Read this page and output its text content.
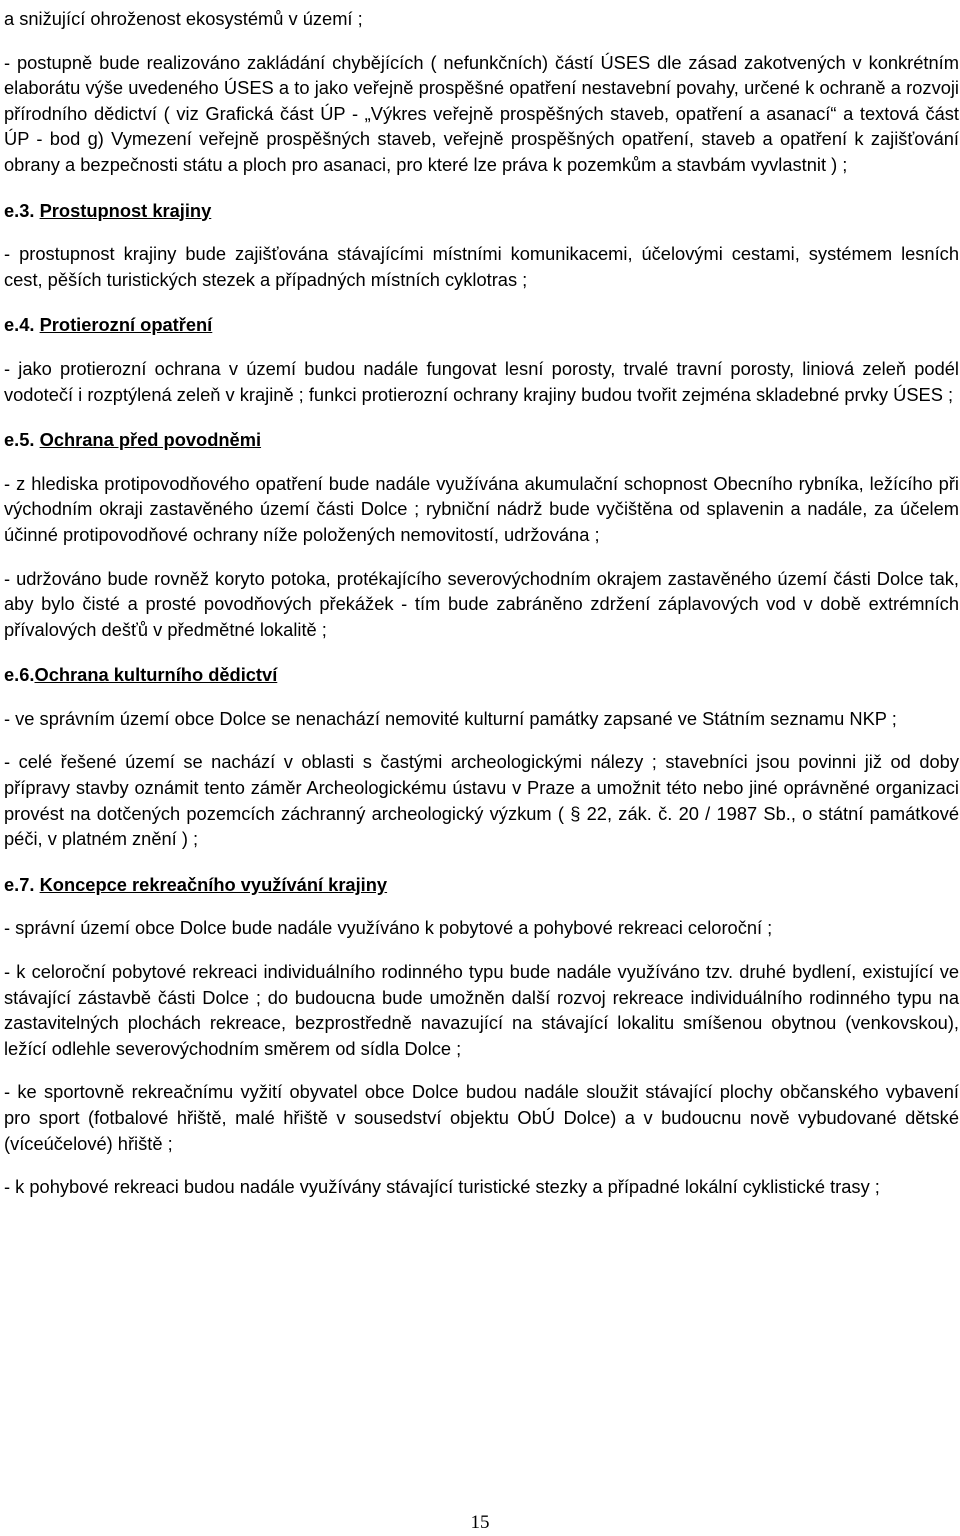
a snižující ohroženost ekosystémů v území ;

- postupně bude realizováno zakládání chybějících ( nefunkčních) částí ÚSES dle zásad zakotvených v konkrétním elaborátu výše uvedeného ÚSES a to jako veřejně prospěšné opatření nestavební povahy, určené k ochraně a rozvoji přírodního dědictví ( viz Grafická část ÚP - „Výkres veřejně prospěšných staveb, opatření a asanací“ a textová část ÚP - bod g) Vymezení veřejně prospěšných staveb, veřejně prospěšných opatření, staveb a opatření k zajišťování obrany a bezpečnosti státu a ploch pro asanaci, pro které lze práva k pozemkům a stavbám vyvlastnit ) ;

e.3. Prostupnost krajiny

- prostupnost krajiny bude zajišťována stávajícími místními komunikacemi, účelovými cestami, systémem lesních cest, pěších turistických stezek a případných místních cyklotras ;

e.4. Protierozní opatření

- jako protierozní ochrana v území budou nadále fungovat lesní porosty, trvalé travní porosty, liniová zeleň podél vodotečí i rozptýlená zeleň v krajině ; funkci protierozní ochrany krajiny budou tvořit zejména skladebné prvky ÚSES ;

e.5. Ochrana před povodněmi

- z hlediska protipovodňového opatření bude nadále využívána akumulační schopnost Obecního rybníka, ležícího při východním okraji zastavěného území části Dolce ; rybniční nádrž bude vyčištěna od splavenin a nadále, za účelem účinné protipovodňové ochrany níže položených nemovitostí, udržována ;

- udržováno bude rovněž koryto potoka, protékajícího severovýchodním okrajem zastavěného území části Dolce tak, aby bylo čisté a prosté povodňových překážek - tím bude zabráněno zdržení záplavových vod v době extrémních přívalových dešťů v předmětné lokalitě ;

e.6.Ochrana kulturního dědictví

- ve správním území obce Dolce se nenachází nemovité kulturní památky zapsané ve Státním seznamu NKP ;

- celé řešené území se nachází v oblasti s častými archeologickými nálezy ; stavebníci jsou povinni již od doby přípravy stavby oznámit tento záměr Archeologickému ústavu v Praze a umožnit této nebo jiné oprávněné organizaci provést na dotčených pozemcích záchranný archeologický výzkum ( § 22, zák. č. 20 / 1987 Sb., o státní památkové péči, v platném znění ) ;

e.7. Koncepce rekreačního využívání krajiny

- správní území obce Dolce bude nadále využíváno k pobytové a pohybové rekreaci celoroční ;

- k celoroční pobytové rekreaci individuálního rodinného typu bude nadále využíváno tzv. druhé bydlení, existující ve stávající zástavbě části Dolce ; do budoucna bude umožněn další rozvoj rekreace individuálního rodinného typu na zastavitelných plochách rekreace, bezprostředně navazující na stávající lokalitu smíšenou obytnou (venkovskou), ležící odlehle severovýchodním směrem od sídla Dolce ;

- ke sportovně rekreačnímu vyžití obyvatel obce Dolce budou nadále sloužit stávající plochy občanského vybavení pro sport (fotbalové hřiště, malé hřiště v sousedství objektu ObÚ Dolce) a v budoucnu nově vybudované dětské (víceúčelové) hřiště ;

- k pohybové rekreaci budou nadále využívány stávající turistické stezky a případné lokální cyklistické trasy ;

15
